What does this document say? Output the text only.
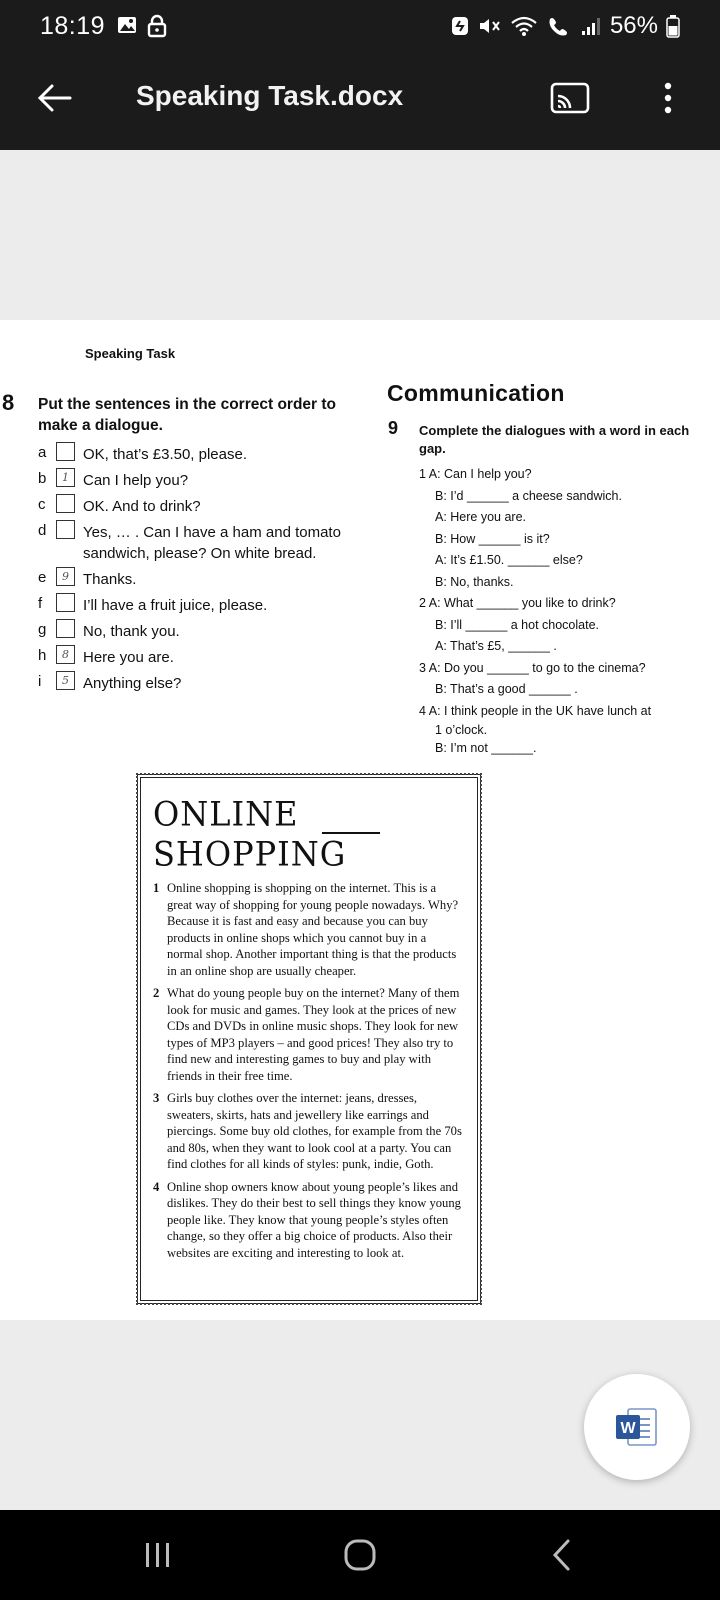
18:19	56%
Speaking Task.docx
Speaking Task
8 Put the sentences in the correct order to make a dialogue.
a	OK, that’s £3.50, please.
b	1 Can I help you?
c	OK. And to drink?
d	Yes, … . Can I have a ham and tomato sandwich, please? On white bread.
e	9 Thanks.
f	I’ll have a fruit juice, please.
g	No, thank you.
h	8 Here you are.
i	5 Anything else?
Communication
9 Complete the dialogues with a word in each gap.
1 A: Can I help you?
B: I’d ______ a cheese sandwich.
A: Here you are.
B: How ______ is it?
A: It’s £1.50. ______ else?
B: No, thanks.
2 A: What ______ you like to drink?
B: I’ll ______ a hot chocolate.
A: That’s £5, ______ .
3 A: Do you ______ to go to the cinema?
B: That’s a good ______ .
4 A: I think people in the UK have lunch at
1 o’clock.
B: I’m not ______.
ONLINE SHOPPING
1 Online shopping is shopping on the internet. This is a great way of shopping for young people nowadays. Why? Because it is fast and easy and because you can buy products in online shops which you cannot buy in a normal shop. Another important thing is that the products in an online shop are usually cheaper.
2 What do young people buy on the internet? Many of them look for music and games. They look at the prices of new CDs and DVDs in online music shops. They look for new types of MP3 players – and good prices! They also try to find new and interesting games to buy and play with friends in their free time.
3 Girls buy clothes over the internet: jeans, dresses, sweaters, skirts, hats and jewellery like earrings and piercings. Some buy old clothes, for example from the 70s and 80s, when they want to look cool at a party. You can find clothes for all kinds of styles: punk, indie, Goth.
4 Online shop owners know about young people’s likes and dislikes. They do their best to sell things they know young people like. They know that young people’s styles often change, so they offer a big choice of products. Also their websites are exciting and interesting to look at.
W
